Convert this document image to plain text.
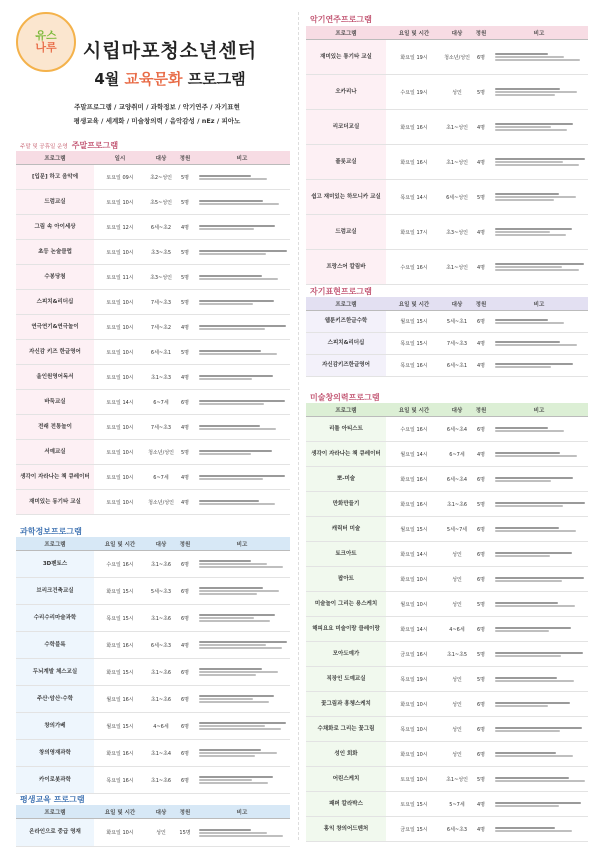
유스
나루	시립마포청소년센터
4월 교육문화 프로그램
주말프로그램 / 교양취미 / 과학정보 / 악기연주 / 자기표현
평생교육 / 세계화 / 미술창의력 / 음악감성 / nEz / 피아노
주말 및 공휴일 운영 주말프로그램
프로그램	일시	대상	정원	비고
[입문] 하고 음악에	토요일 09시	초2~성인	5명	

드럼교실	토요일 10시	초5~성인	5명	

그림 속 아이세상	토요일 12시	6세~초2	4명	

초등 논술클럽	토요일 10시	초3~초5	5명	

수봉당첨	토요일 11시	초3~성인	5명	

스피치&리더십	토요일 10시	7세~초3	5명	

연극연기&연극놀이	토요일 10시	7세~초2	4명	

자신감 키즈 한글영어	토요일 10시	6세~초1	5명	

올인원영어독서	토요일 10시	초1~초3	4명	

바둑교실	토요일 14시	6~7세	6명	

전래 전통놀이	토요일 10시	7세~초3	4명	

서예교실	토요일 10시	청소년/성인	5명	

생각이 자라나는 책 큐레이터	토요일 10시	6~7세	4명	

재미있는 동기타 교실	토요일 10시	청소년/성인	4명	
과학정보프로그램
프로그램	요일 및 시간	대상	정원	비고
3D펜토스	수요일 16시	초1~초6	6명	

브리크건축교실	화요일 15시	5세~초3	6명	

수리수리마술과학	목요일 15시	초1~초6	6명	

수학블록	화요일 16시	6세~초3	4명	

두뇌계발 체스교실	화요일 15시	초1~초6	6명	

주산·암산·수학	월요일 16시	초1~초6	6명	

창의가베	월요일 15시	4~6세	6명	

창의영재과학	화요일 16시	초1~초4	6명	

카이로봇과학	목요일 16시	초1~초6	6명	
평생교육 프로그램
프로그램	요일 및 시간	대상	정원	비고
온라인으로 중급 영재	화요일 10시	성인	15명	
악기연주프로그램
프로그램	요일 및 시간	대상	정원	비고
재미있는 통기타 교실	화요일 19시	청소년/성인	6명	

오카리나	수요일 19시	성인	5명	

리코더교실	화요일 16시	초1~성인	4명	

플룻교실	화요일 16시	초1~성인	4명	

쉽고 재미있는 하모니카 교실	목요일 14시	6세~성인	5명	

드럼교실	화요일 17시	초3~성인	4명	

프랑스어 칼림바	수요일 16시	초1~성인	4명	
자기표현프로그램
프로그램	요일 및 시간	대상	정원	비고
웹툰키즈한글수학	월요일 15시	5세~초1	6명	

스피치&리더십	목요일 15시	7세~초3	4명	

자신감키즈한글영어	목요일 16시	6세~초1	4명	
미술창의력프로그램
프로그램	요일 및 시간	대상	정원	비고
리틀 아티스트	수요일 16시	6세~초4	6명	

생각이 자라나는 책 큐레이터	월요일 14시	6~7세	4명	

뽀-미술	화요일 16시	6세~초4	6명	

만화만들기	화요일 16시	초1~초6	5명	

캐릭터 미술	월요일 15시	5세~7세	6명	

토크아트	화요일 14시	성인	6명	

팝아트	화요일 10시	성인	6명	

미술놀이 그리는 용스케치	월요일 10시	성인	5명	

해피요요 미술이랑 클레이랑	화요일 14시	4~6세	6명	

모아도예가	금요일 16시	초1~초5	5명	

직장인 도예교실	목요일 19시	성인	5명	

꽃그림과 흥쳉스케치	화요일 10시	성인	6명	

수채화로 그리는 꽃그림	목요일 10시	성인	6명	

성인 회화	화요일 10시	성인	6명	

어린스케치	토요일 10시	초1~성인	5명	

패퍼 칼라박스	토요일 15시	5~7세	4명	

홍익 창의어드벤처	금요일 15시	6세~초3	4명	
